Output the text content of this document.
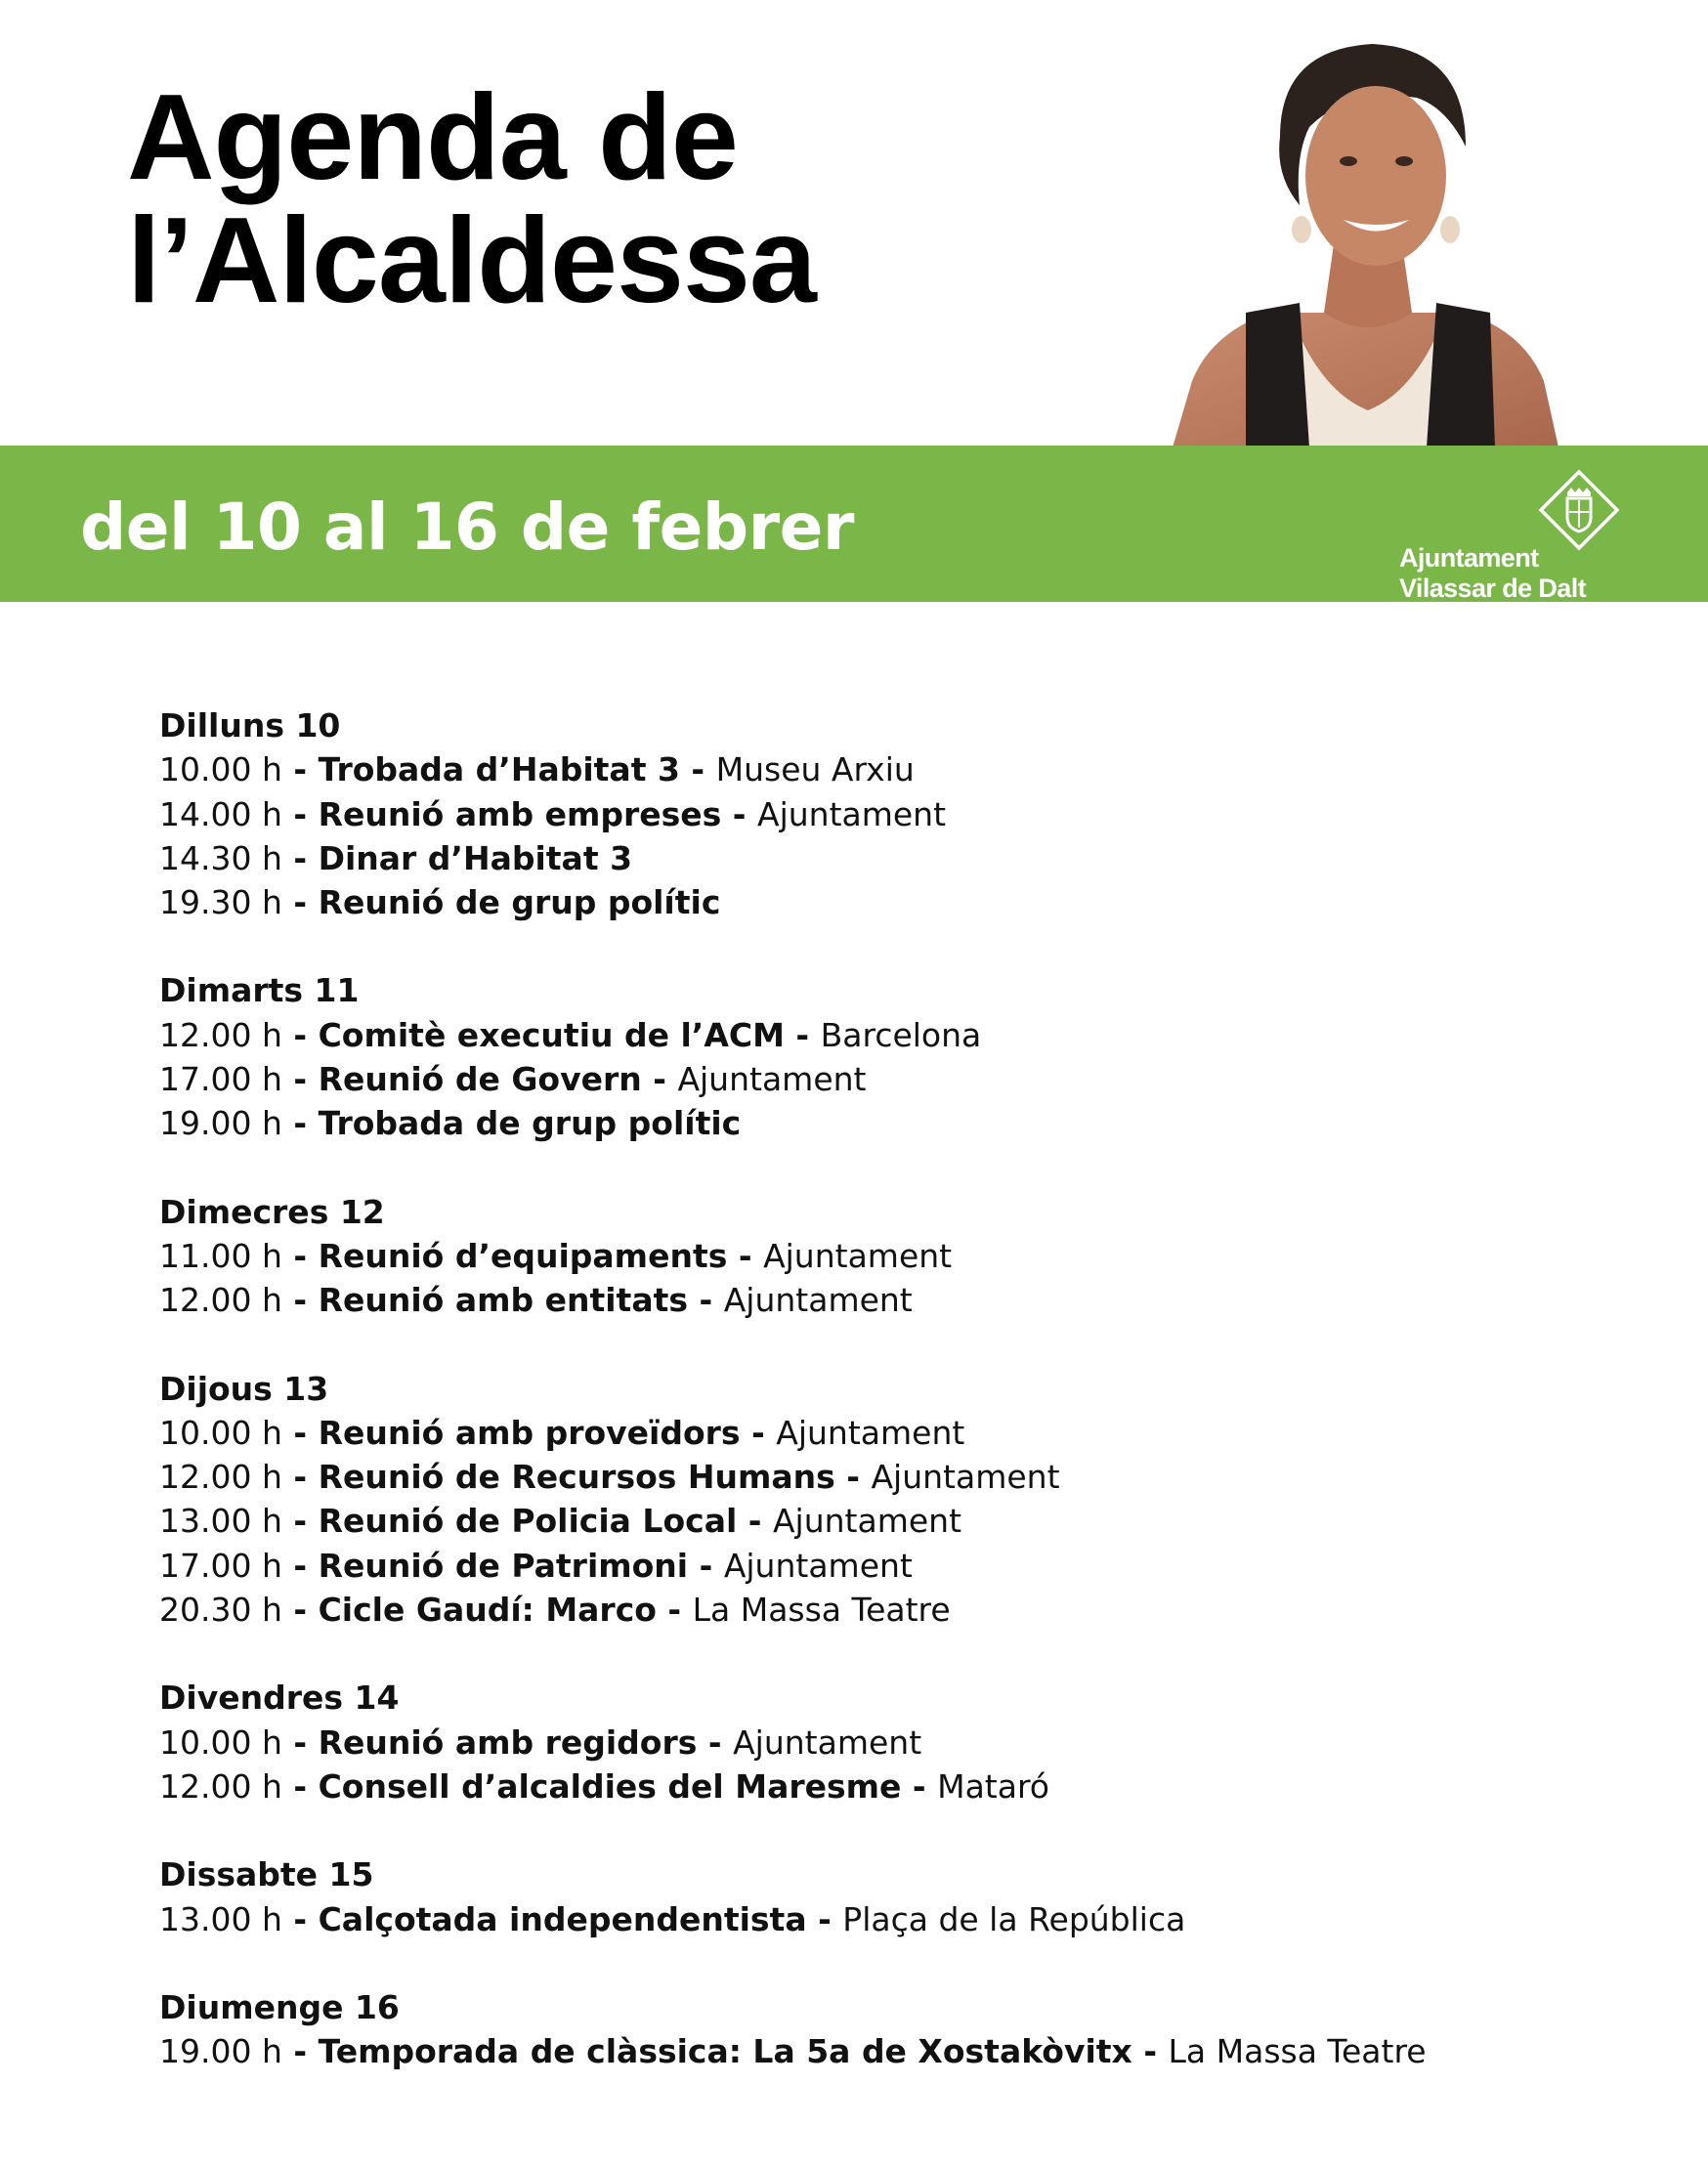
Agenda de
l’Alcaldessa
del 10 al 16 de febrer	Ajuntament
Vilassar de Dalt

Dilluns 10

10.00 h - Trobada d’Habitat 3 - Museu Arxiu

14.00 h - Reunió amb empreses - Ajuntament

14.30 h - Dinar d’Habitat 3

19.30 h - Reunió de grup polític

Dimarts 11

12.00 h - Comitè executiu de l’ACM - Barcelona

17.00 h - Reunió de Govern - Ajuntament

19.00 h - Trobada de grup polític

Dimecres 12

11.00 h - Reunió d’equipaments - Ajuntament

12.00 h - Reunió amb entitats - Ajuntament

Dijous 13

10.00 h - Reunió amb proveïdors - Ajuntament

12.00 h - Reunió de Recursos Humans - Ajuntament

13.00 h - Reunió de Policia Local - Ajuntament

17.00 h - Reunió de Patrimoni - Ajuntament

20.30 h - Cicle Gaudí: Marco - La Massa Teatre

Divendres 14

10.00 h - Reunió amb regidors - Ajuntament

12.00 h - Consell d’alcaldies del Maresme - Mataró

Dissabte 15

13.00 h - Calçotada independentista - Plaça de la República

Diumenge 16

19.00 h - Temporada de clàssica: La 5a de Xostakòvitx - La Massa Teatre
